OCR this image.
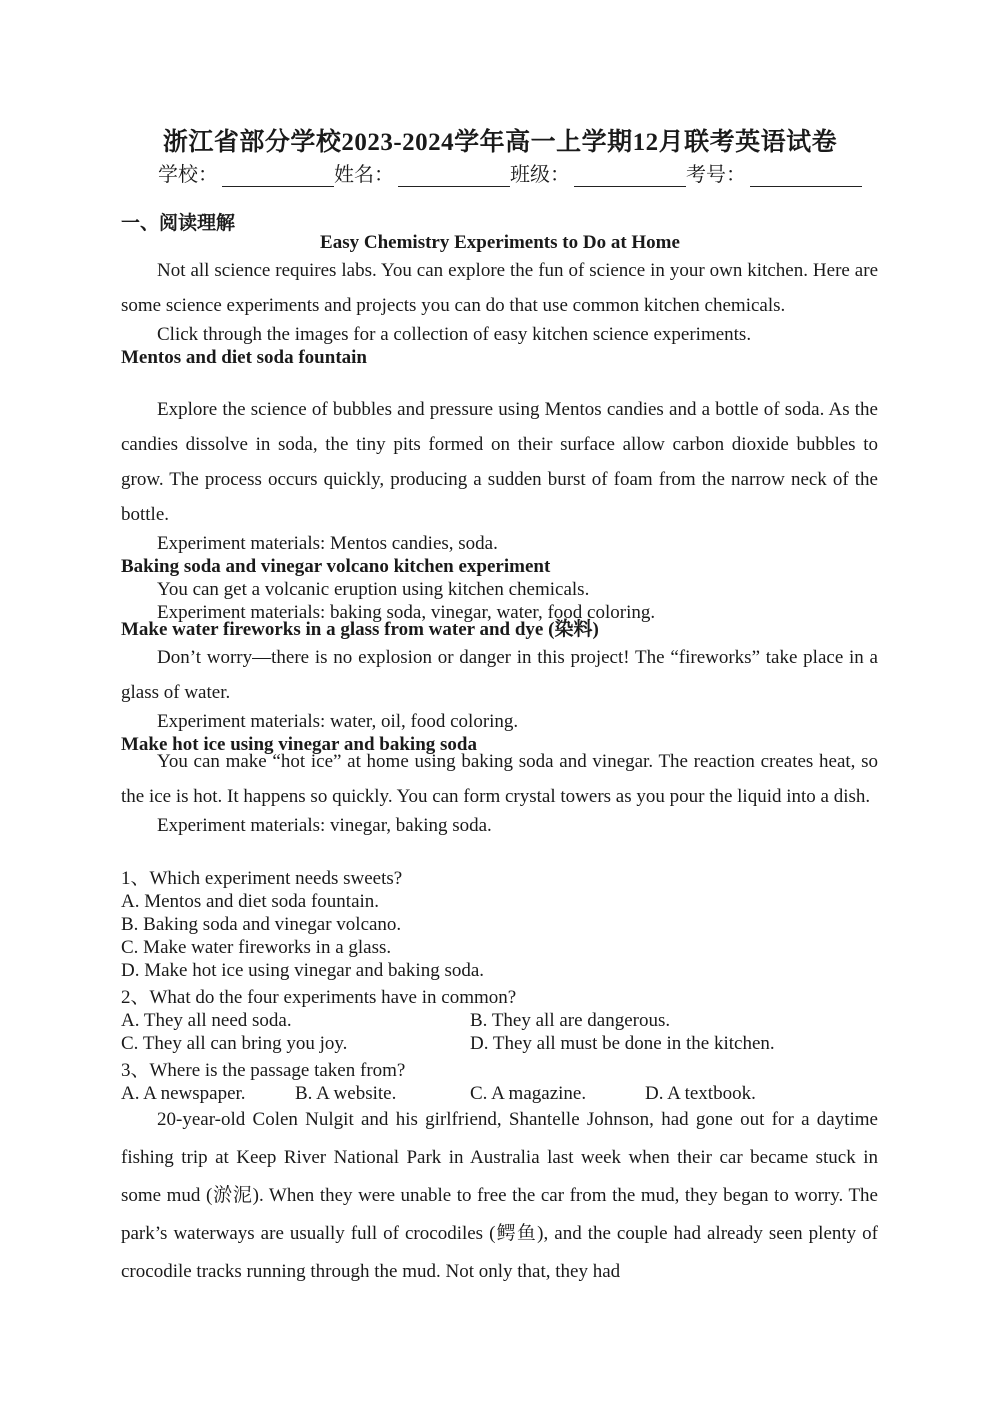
浙江省部分学校2023-2024学年高一上学期12月联考英语试卷
学校：	姓名：	班级：	考号：
一、阅读理解
Easy Chemistry Experiments to Do at Home

Not all science requires labs. You can explore the fun of science in your own kitchen. Here are some science experiments and projects you can do that use common kitchen chemicals.

Click through the images for a collection of easy kitchen science experiments.

Mentos and diet soda fountain

Explore the science of bubbles and pressure using Mentos candies and a bottle of soda. As the candies dissolve in soda, the tiny pits formed on their surface allow carbon dioxide bubbles to grow. The process occurs quickly, producing a sudden burst of foam from the narrow neck of the bottle.

Experiment materials: Mentos candies, soda.

Baking soda and vinegar volcano kitchen experiment

You can get a volcanic eruption using kitchen chemicals.

Experiment materials: baking soda, vinegar, water, food coloring.

Make water fireworks in a glass from water and dye (染料)

Don’t worry—there is no explosion or danger in this project! The “fireworks” take place in a glass of water.

Experiment materials: water, oil, food coloring.

Make hot ice using vinegar and baking soda

You can make “hot ice” at home using baking soda and vinegar. The reaction creates heat, so the ice is hot. It happens so quickly. You can form crystal towers as you pour the liquid into a dish.

Experiment materials: vinegar, baking soda.

1、Which experiment needs sweets?

A. Mentos and diet soda fountain.

B. Baking soda and vinegar volcano.

C. Make water fireworks in a glass.

D. Make hot ice using vinegar and baking soda.

2、What do the four experiments have in common?

A. They all need soda.	B. They all are dangerous.
C. They all can bring you joy.	D. They all must be done in the kitchen.

3、Where is the passage taken from?

A. A newspaper.	B. A website.	C. A magazine.	D. A textbook.

20-year-old Colen Nulgit and his girlfriend, Shantelle Johnson, had gone out for a daytime fishing trip at Keep River National Park in Australia last week when their car became stuck in some mud (淤泥). When they were unable to free the car from the mud, they began to worry. The park’s waterways are usually full of crocodiles (鳄鱼), and the couple had already seen plenty of crocodile tracks running through the mud. Not only that, they had
